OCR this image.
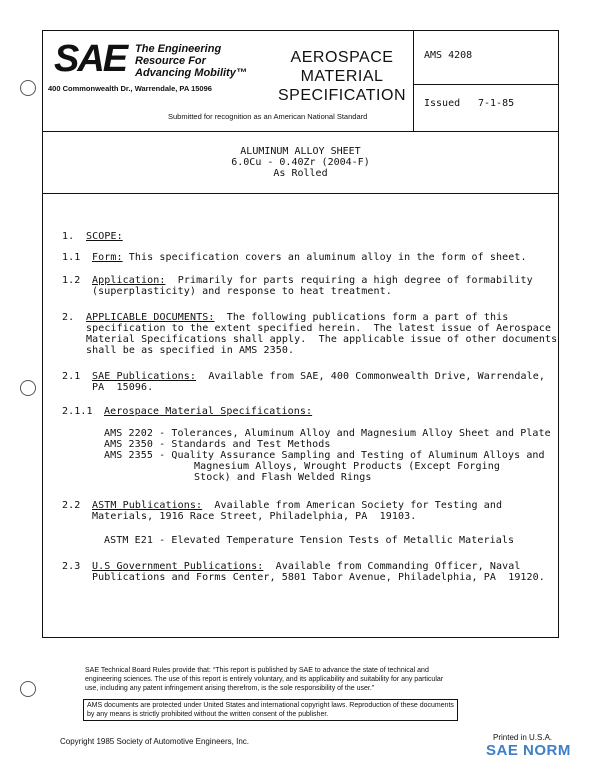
SAE The Engineering
Resource For
Advancing Mobility™
400 Commonwealth Dr., Warrendale, PA 15096
AEROSPACE
MATERIAL
SPECIFICATION
Submitted for recognition as an American National Standard
AMS 4208
Issued 7-1-85
ALUMINUM ALLOY SHEET
6.0Cu - 0.40Zr (2004-F)
As Rolled
1. SCOPE:
1.1 Form: This specification covers an aluminum alloy in the form of sheet.
1.2 Application: Primarily for parts requiring a high degree of formability
(superplasticity) and response to heat treatment.
2. APPLICABLE DOCUMENTS: The following publications form a part of this
specification to the extent specified herein.  The latest issue of Aerospace
Material Specifications shall apply.  The applicable issue of other documents
shall be as specified in AMS 2350.
2.1 SAE Publications: Available from SAE, 400 Commonwealth Drive, Warrendale,
PA  15096.
2.1.1 Aerospace Material Specifications:
AMS 2202 - Tolerances, Aluminum Alloy and Magnesium Alloy Sheet and Plate
AMS 2350 - Standards and Test Methods
AMS 2355 - Quality Assurance Sampling and Testing of Aluminum Alloys and
Magnesium Alloys, Wrought Products (Except Forging
Stock) and Flash Welded Rings
2.2 ASTM Publications: Available from American Society for Testing and
Materials, 1916 Race Street, Philadelphia, PA  19103.
ASTM E21 - Elevated Temperature Tension Tests of Metallic Materials
2.3 U.S Government Publications: Available from Commanding Officer, Naval
Publications and Forms Center, 5801 Tabor Avenue, Philadelphia, PA  19120.
SAE Technical Board Rules provide that: “This report is published by SAE to advance the state of technical and
engineering sciences. The use of this report is entirely voluntary, and its applicability and suitability for any particular
use, including any patent infringement arising therefrom, is the sole responsibility of the user.”
AMS documents are protected under United States and international copyright laws. Reproduction of these documents
by any means is strictly prohibited without the written consent of the publisher.
Copyright 1985 Society of Automotive Engineers, Inc.	Printed in U.S.A.
SAE NORM
